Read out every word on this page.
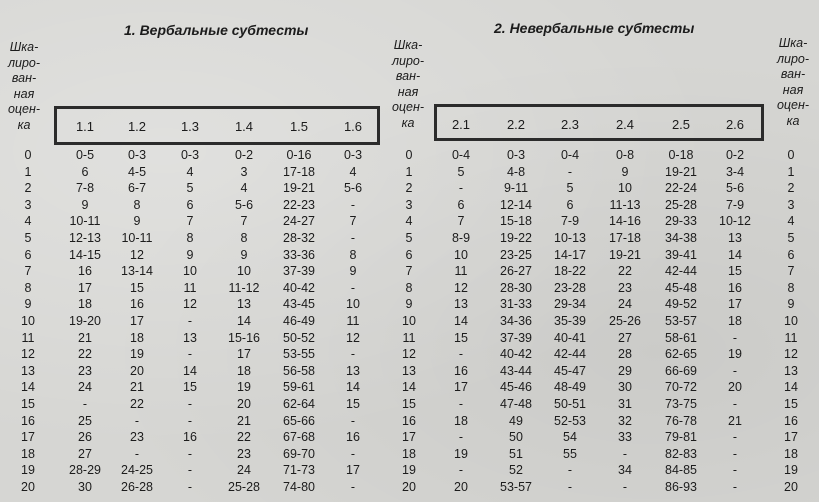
1. Вербальные субтесты	2. Невербальные субтесты
Шка-
лиро-
ван-
ная
оцен-
ка
Шка-
лиро-
ван-
ная
оцен-
ка
Шка-
лиро-
ван-
ная
оцен-
ка
1.1	1.2	1.3	1.4	1.5	1.6	2.1	2.2	2.3	2.4	2.5	2.6
0	0-5	0-3	0-3	0-2	0-16	0-3	0	0-4	0-3	0-4	0-8	0-18	0-2	0
1	6	4-5	4	3	17-18	4	1	5	4-8	-	9	19-21	3-4	1
2	7-8	6-7	5	4	19-21	5-6	2	-	9-11	5	10	22-24	5-6	2
3	9	8	6	5-6	22-23	-	3	6	12-14	6	11-13	25-28	7-9	3
4	10-11	9	7	7	24-27	7	4	7	15-18	7-9	14-16	29-33	10-12	4
5	12-13	10-11	8	8	28-32	-	5	8-9	19-22	10-13	17-18	34-38	13	5
6	14-15	12	9	9	33-36	8	6	10	23-25	14-17	19-21	39-41	14	6
7	16	13-14	10	10	37-39	9	7	11	26-27	18-22	22	42-44	15	7
8	17	15	11	11-12	40-42	-	8	12	28-30	23-28	23	45-48	16	8
9	18	16	12	13	43-45	10	9	13	31-33	29-34	24	49-52	17	9
10	19-20	17	-	14	46-49	11	10	14	34-36	35-39	25-26	53-57	18	10
11	21	18	13	15-16	50-52	12	11	15	37-39	40-41	27	58-61	-	11
12	22	19	-	17	53-55	-	12	-	40-42	42-44	28	62-65	19	12
13	23	20	14	18	56-58	13	13	16	43-44	45-47	29	66-69	-	13
14	24	21	15	19	59-61	14	14	17	45-46	48-49	30	70-72	20	14
15	-	22	-	20	62-64	15	15	-	47-48	50-51	31	73-75	-	15
16	25	-	-	21	65-66	-	16	18	49	52-53	32	76-78	21	16
17	26	23	16	22	67-68	16	17	-	50	54	33	79-81	-	17
18	27	-	-	23	69-70	-	18	19	51	55	-	82-83	-	18
19	28-29	24-25	-	24	71-73	17	19	-	52	-	34	84-85	-	19
20	30	26-28	-	25-28	74-80	-	20	20	53-57	-	-	86-93	-	20
